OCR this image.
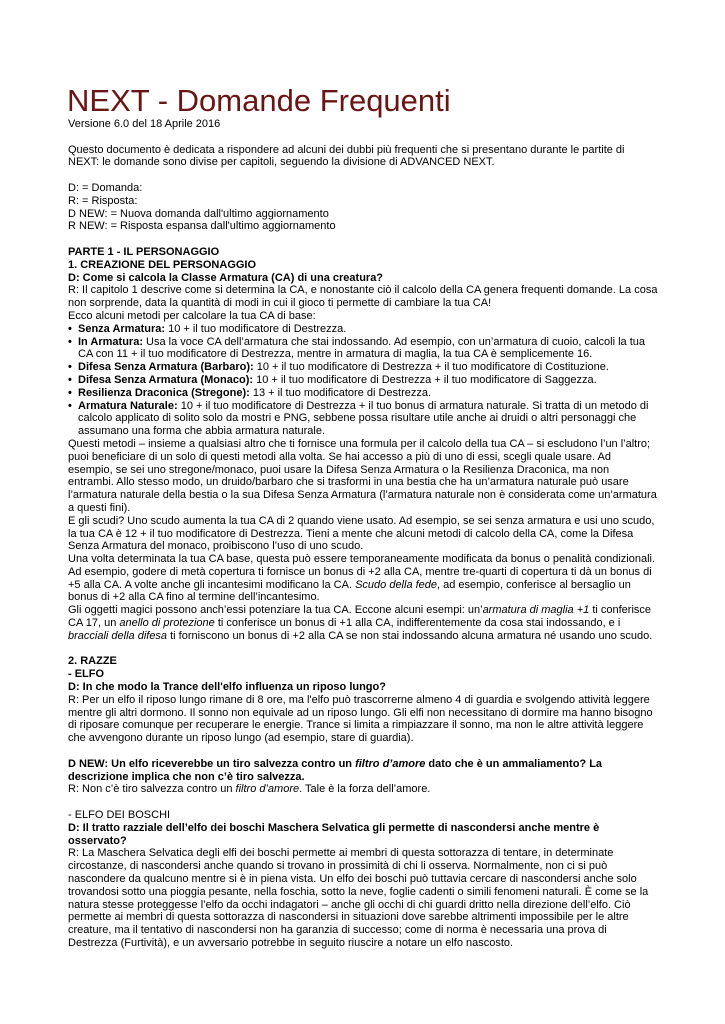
NEXT - Domande Frequenti

Versione 6.0 del 18 Aprile 2016

Questo documento è dedicata a rispondere ad alcuni dei dubbi più frequenti che si presentano durante le partite di NEXT: le domande sono divise per capitoli, seguendo la divisione di ADVANCED NEXT.

D: = Domanda:

R: = Risposta:

D NEW: = Nuova domanda dall'ultimo aggiornamento

R NEW: = Risposta espansa dall'ultimo aggiornamento

PARTE 1 - IL PERSONAGGIO

1. CREAZIONE DEL PERSONAGGIO

D: Come si calcola la Classe Armatura (CA) di una creatura?

R: Il capitolo 1 descrive come si determina la CA, e nonostante ciò il calcolo della CA genera frequenti domande. La cosa non sorprende, data la quantità di modi in cui il gioco ti permette di cambiare la tua CA!

Ecco alcuni metodi per calcolare la tua CA di base:

• Senza Armatura: 10 + il tuo modificatore di Destrezza.
• In Armatura: Usa la voce CA dell’armatura che stai indossando. Ad esempio, con un’armatura di cuoio, calcoli la tua CA con 11 + il tuo modificatore di Destrezza, mentre in armatura di maglia, la tua CA è semplicemente 16.
• Difesa Senza Armatura (Barbaro): 10 + il tuo modificatore di Destrezza + il tuo modificatore di Costituzione.
• Difesa Senza Armatura (Monaco): 10 + il tuo modificatore di Destrezza + il tuo modificatore di Saggezza.
• Resilienza Draconica (Stregone): 13 + il tuo modificatore di Destrezza.
• Armatura Naturale: 10 + il tuo modificatore di Destrezza + il tuo bonus di armatura naturale. Si tratta di un metodo di calcolo applicato di solito solo da mostri e PNG, sebbene possa risultare utile anche ai druidi o altri personaggi che assumano una forma che abbia armatura naturale.

Questi metodi – insieme a qualsiasi altro che ti fornisce una formula per il calcolo della tua CA – si escludono l’un l’altro; puoi beneficiare di un solo di questi metodi alla volta. Se hai accesso a più di uno di essi, scegli quale usare. Ad esempio, se sei uno stregone/monaco, puoi usare la Difesa Senza Armatura o la Resilienza Draconica, ma non entrambi. Allo stesso modo, un druido/barbaro che si trasformi in una bestia che ha un’armatura naturale può usare l’armatura naturale della bestia o la sua Difesa Senza Armatura (l’armatura naturale non è considerata come un’armatura a questi fini).

E gli scudi? Uno scudo aumenta la tua CA di 2 quando viene usato. Ad esempio, se sei senza armatura e usi uno scudo, la tua CA è 12 + il tuo modificatore di Destrezza. Tieni a mente che alcuni metodi di calcolo della CA, come la Difesa Senza Armatura del monaco, proibiscono l’uso di uno scudo.

Una volta determinata la tua CA base, questa può essere temporaneamente modificata da bonus o penalità condizionali. Ad esempio, godere di metà copertura ti fornisce un bonus di +2 alla CA, mentre tre-quarti di copertura ti dà un bonus di +5 alla CA. A volte anche gli incantesimi modificano la CA. Scudo della fede, ad esempio, conferisce al bersaglio un bonus di +2 alla CA fino al termine dell’incantesimo.

Gli oggetti magici possono anch’essi potenziare la tua CA. Eccone alcuni esempi: un’armatura di maglia +1 ti conferisce CA 17, un anello di protezione ti conferisce un bonus di +1 alla CA, indifferentemente da cosa stai indossando, e i bracciali della difesa ti forniscono un bonus di +2 alla CA se non stai indossando alcuna armatura né usando uno scudo.

2. RAZZE

- ELFO

D: In che modo la Trance dell'elfo influenza un riposo lungo?

R: Per un elfo il riposo lungo rimane di 8 ore, ma l'elfo può trascorrerne almeno 4 di guardia e svolgendo attività leggere mentre gli altri dormono. Il sonno non equivale ad un riposo lungo. Gli elfi non necessitano di dormire ma hanno bisogno di riposare comunque per recuperare le energie. Trance si limita a rimpiazzare il sonno, ma non le altre attività leggere che avvengono durante un riposo lungo (ad esempio, stare di guardia).

D NEW: Un elfo riceverebbe un tiro salvezza contro un filtro d’amore dato che è un ammaliamento? La descrizione implica che non c’è tiro salvezza.

R: Non c’è tiro salvezza contro un filtro d’amore. Tale è la forza dell’amore.

- ELFO DEI BOSCHI

D: Il tratto razziale dell’elfo dei boschi Maschera Selvatica gli permette di nascondersi anche mentre è osservato?

R: La Maschera Selvatica degli elfi dei boschi permette ai membri di questa sottorazza di tentare, in determinate circostanze, di nascondersi anche quando si trovano in prossimità di chi li osserva. Normalmente, non ci si può nascondere da qualcuno mentre si è in piena vista. Un elfo dei boschi può tuttavia cercare di nascondersi anche solo trovandosi sotto una pioggia pesante, nella foschia, sotto la neve, foglie cadenti o simili fenomeni naturali. È come se la natura stesse proteggesse l’elfo da occhi indagatori – anche gli occhi di chi guardi dritto nella direzione dell’elfo. Ciò permette ai membri di questa sottorazza di nascondersi in situazioni dove sarebbe altrimenti impossibile per le altre creature, ma il tentativo di nascondersi non ha garanzia di successo; come di norma è necessaria una prova di Destrezza (Furtività), e un avversario potrebbe in seguito riuscire a notare un elfo nascosto.
